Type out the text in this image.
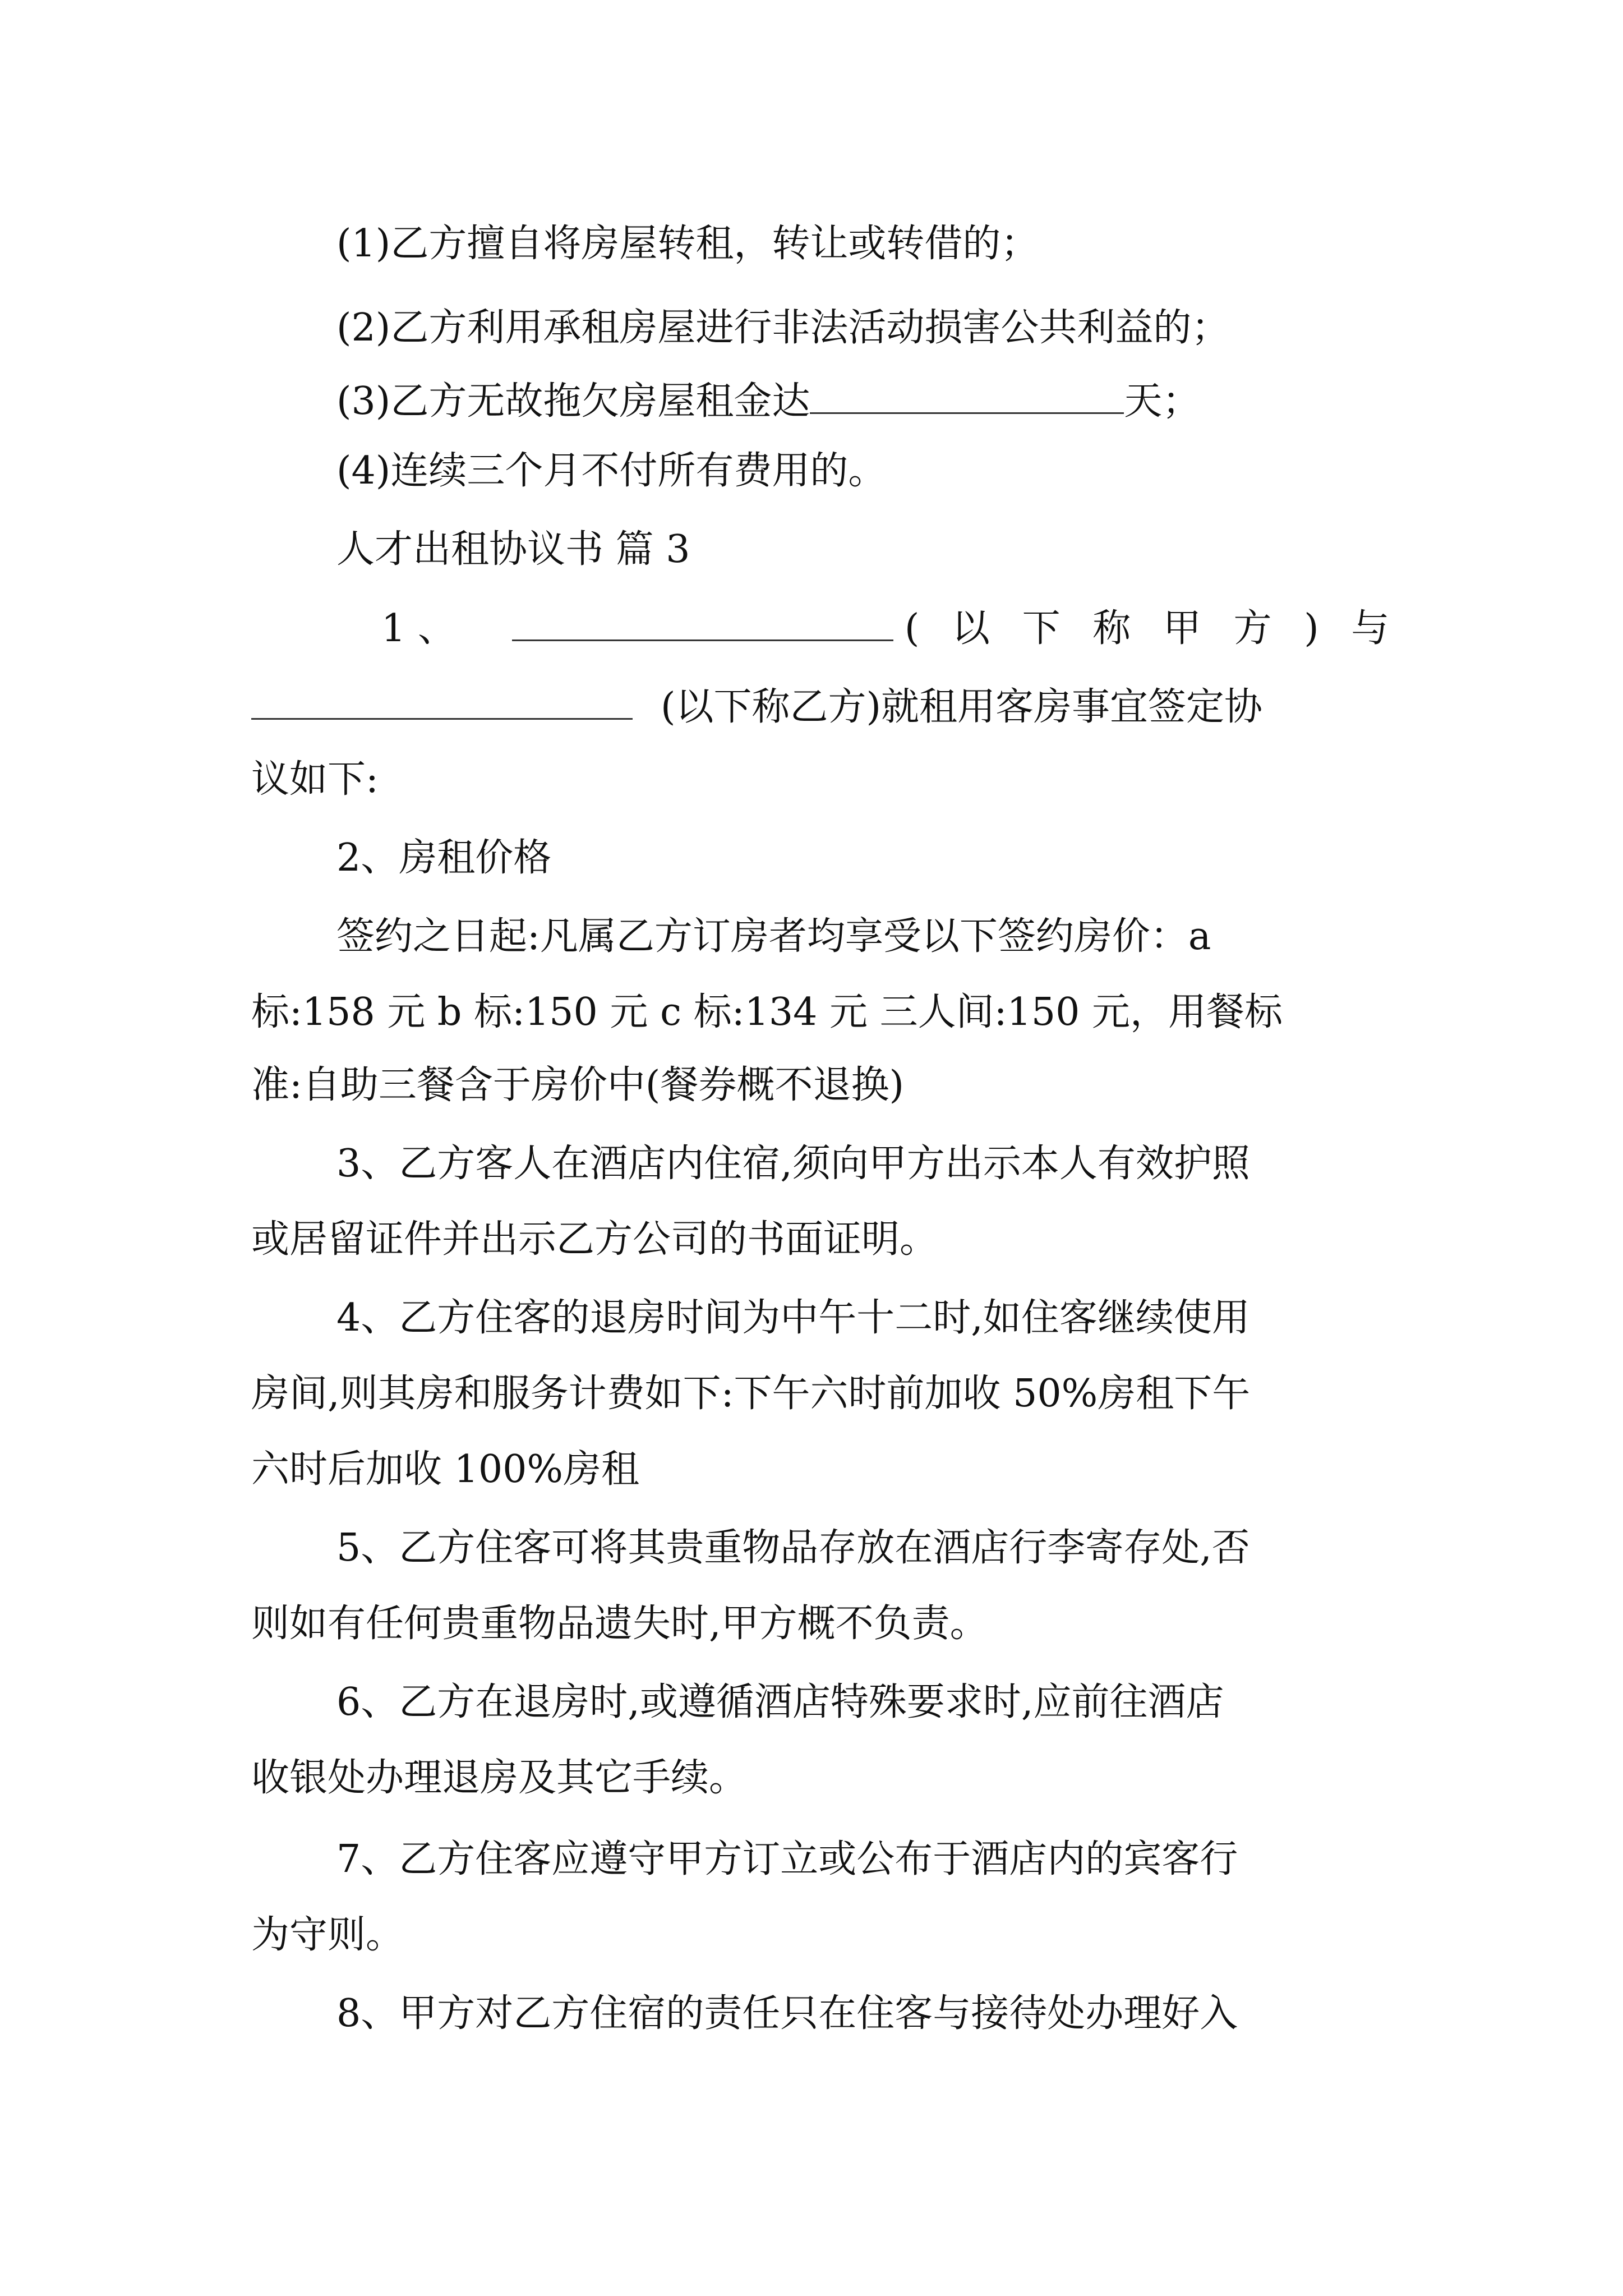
(1)乙方擅自将房屋转租，转让或转借的；
(2)乙方利用承租房屋进行非法活动损害公共利益的；
(3)乙方无故拖欠房屋租金达	天；
(4)连续三个月不付所有费用的。
人才出租协议书 篇 3
1 、	( 以 下 称 甲 方 ) 与
(以下称乙方)就租用客房事宜签定协
议如下:
2、房租价格
签约之日起:凡属乙方订房者均享受以下签约房价：a
标:158 元 b 标:150 元 c 标:134 元 三人间:150 元，用餐标
准:自助三餐含于房价中(餐券概不退换)
3、乙方客人在酒店内住宿,须向甲方出示本人有效护照
或居留证件并出示乙方公司的书面证明。
4、乙方住客的退房时间为中午十二时,如住客继续使用
房间,则其房和服务计费如下:下午六时前加收 50%房租下午
六时后加收 100%房租
5、乙方住客可将其贵重物品存放在酒店行李寄存处,否
则如有任何贵重物品遗失时,甲方概不负责。
6、乙方在退房时,或遵循酒店特殊要求时,应前往酒店
收银处办理退房及其它手续。
7、乙方住客应遵守甲方订立或公布于酒店内的宾客行
为守则。
8、甲方对乙方住宿的责任只在住客与接待处办理好入
